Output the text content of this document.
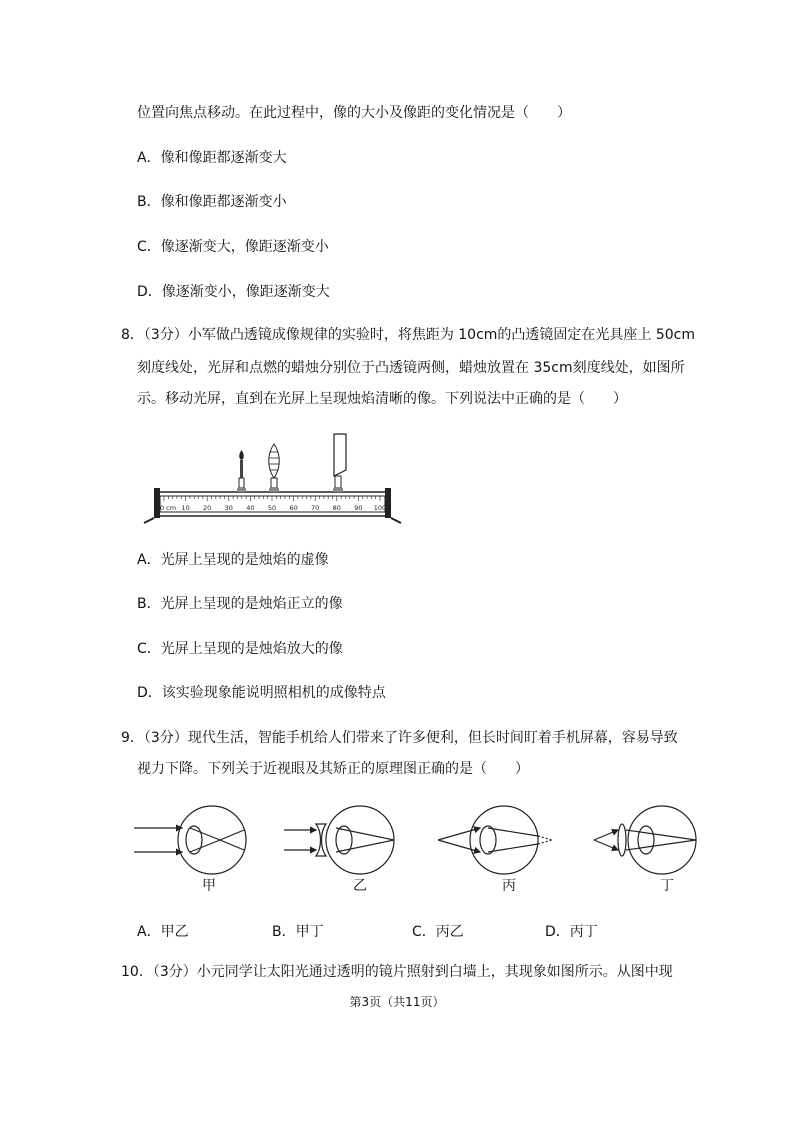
位置向焦点移动。在此过程中，像的大小及像距的变化情况是（　　）
A．像和像距都逐渐变大
B．像和像距都逐渐变小
C．像逐渐变大，像距逐渐变小
D．像逐渐变小，像距逐渐变大
8．（3分）小军做凸透镜成像规律的实验时，将焦距为 10cm的凸透镜固定在光具座上 50cm
刻度线处，光屏和点燃的蜡烛分别位于凸透镜两侧，蜡烛放置在 35cm刻度线处，如图所
示。移动光屏，直到在光屏上呈现烛焰清晰的像。下列说法中正确的是（　　）
0 cm 10 20 30 40 50 60 70 80 90 100
A．光屏上呈现的是烛焰的虚像
B．光屏上呈现的是烛焰正立的像
C．光屏上呈现的是烛焰放大的像
D．该实验现象能说明照相机的成像特点
9．（3分）现代生活，智能手机给人们带来了许多便利，但长时间盯着手机屏幕，容易导致
视力下降。下列关于近视眼及其矫正的原理图正确的是（　　）
甲	乙	丙	丁
A．甲乙	B．甲丁	C．丙乙	D．丙丁
10．（3分）小元同学让太阳光通过透明的镜片照射到白墙上，其现象如图所示。从图中现
第3页（共11页）
